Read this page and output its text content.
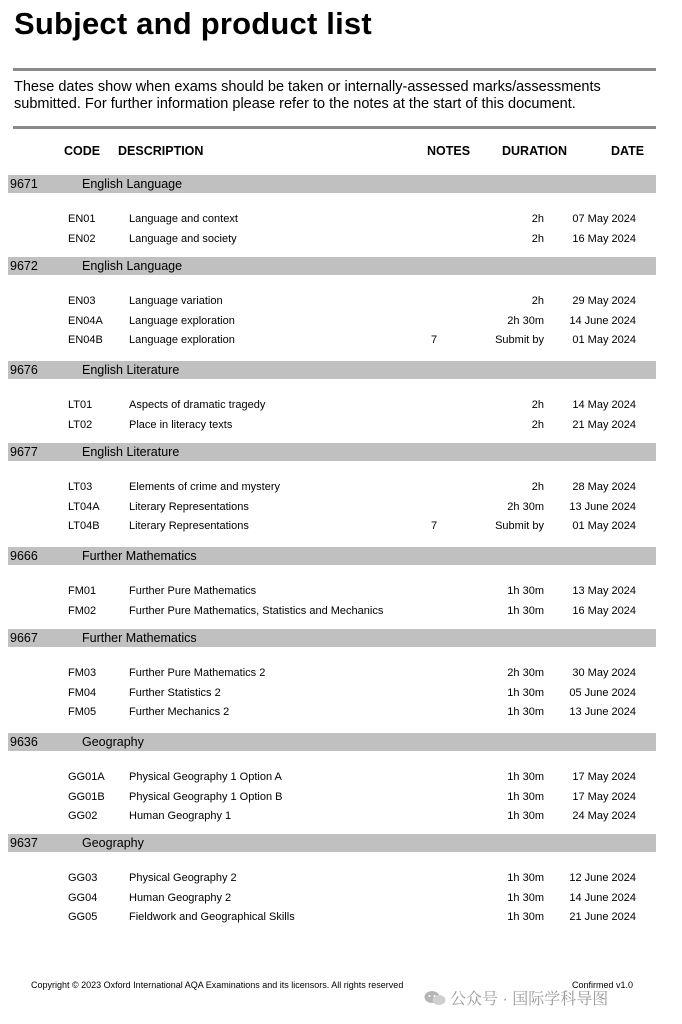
Subject and product list
These dates show when exams should be taken or internally-assessed marks/assessments submitted. For further information please refer to the notes at the start of this document.
CODE DESCRIPTION	NOTES	DURATION	DATE
9671	English Language
EN01	Language and context	2h	07 May 2024
EN02	Language and society	2h	16 May 2024
9672	English Language
EN03	Language variation	2h	29 May 2024
EN04A Language exploration	2h 30m 14 June 2024
EN04B Language exploration	7	Submit by	01 May 2024
9676	English Literature
LT01	Aspects of dramatic tragedy	2h	14 May 2024
LT02	Place in literacy texts	2h	21 May 2024
9677	English Literature
LT03	Elements of crime and mystery	2h	28 May 2024
LT04A	Literary Representations	2h 30m 13 June 2024
LT04B	Literary Representations	7	Submit by	01 May 2024
9666	Further Mathematics
FM01	Further Pure Mathematics	1h 30m	13 May 2024
FM02	Further Pure Mathematics, Statistics and Mechanics	1h 30m	16 May 2024
9667	Further Mathematics
FM03	Further Pure Mathematics 2	2h 30m	30 May 2024
FM04	Further Statistics 2	1h 30m 05 June 2024
FM05	Further Mechanics 2	1h 30m 13 June 2024
9636	Geography
GG01A Physical Geography 1 Option A	1h 30m	17 May 2024
GG01B Physical Geography 1 Option B	1h 30m	17 May 2024
GG02	Human Geography 1	1h 30m	24 May 2024
9637	Geography
GG03	Physical Geography 2	1h 30m 12 June 2024
GG04	Human Geography 2	1h 30m 14 June 2024
GG05	Fieldwork and Geographical Skills	1h 30m 21 June 2024
Copyright © 2023 Oxford International AQA Examinations and its licensors. All rights reserved	Confirmed v1.0
公众号 · 国际学科导图
